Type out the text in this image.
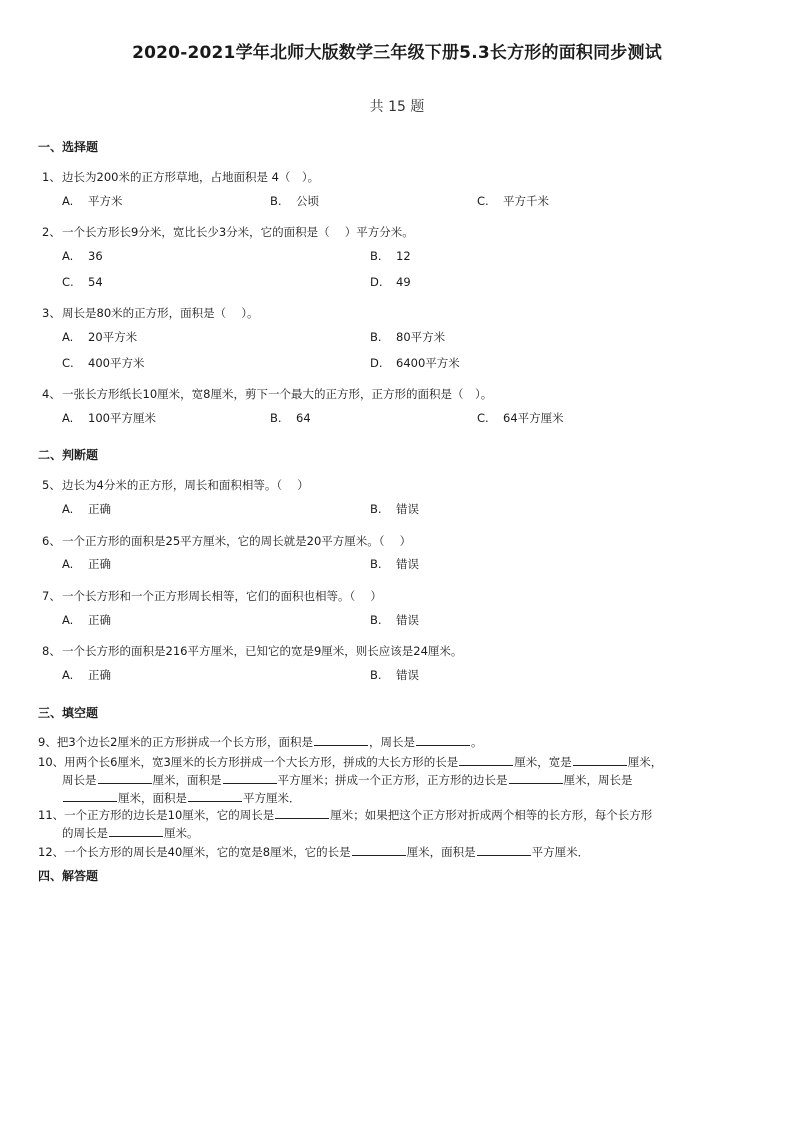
2020-2021学年北师大版数学三年级下册5.3长方形的面积同步测试
共 15 题
一、选择题
1、边长为200米的正方形草地，占地面积是 4（　）。
A. 平方米	B. 公顷	C. 平方千米
2、一个长方形长9分米，宽比长少3分米，它的面积是（　 ）平方分米。
A. 36	B. 12
C. 54	D. 49
3、周长是80米的正方形，面积是（　 ）。
A. 20平方米	B. 80平方米
C. 400平方米	D. 6400平方米
4、一张长方形纸长10厘米，宽8厘米，剪下一个最大的正方形，正方形的面积是（　）。
A. 100平方厘米	B. 64	C. 64平方厘米
二、判断题
5、边长为4分米的正方形，周长和面积相等。（　 ）
A. 正确	B. 错误
6、一个正方形的面积是25平方厘米，它的周长就是20平方厘米。（　 ）
A. 正确	B. 错误
7、一个长方形和一个正方形周长相等，它们的面积也相等。（　 ）
A. 正确	B. 错误
8、一个长方形的面积是216平方厘米，已知它的宽是9厘米，则长应该是24厘米。
A. 正确	B. 错误
三、填空题
9、把3个边长2厘米的正方形拼成一个长方形，面积是	，周长是	。
10、用两个长6厘米，宽3厘米的长方形拼成一个大长方形，拼成的大长方形的长是	厘米，宽是	厘米，
周长是	厘米，面积是	平方厘米；拼成一个正方形，正方形的边长是	厘米，周长是
厘米，面积是	平方厘米．
11、一个正方形的边长是10厘米，它的周长是	厘米；如果把这个正方形对折成两个相等的长方形，每个长方形
的周长是	厘米。
12、一个长方形的周长是40厘米，它的宽是8厘米，它的长是	厘米，面积是	平方厘米．
四、解答题
